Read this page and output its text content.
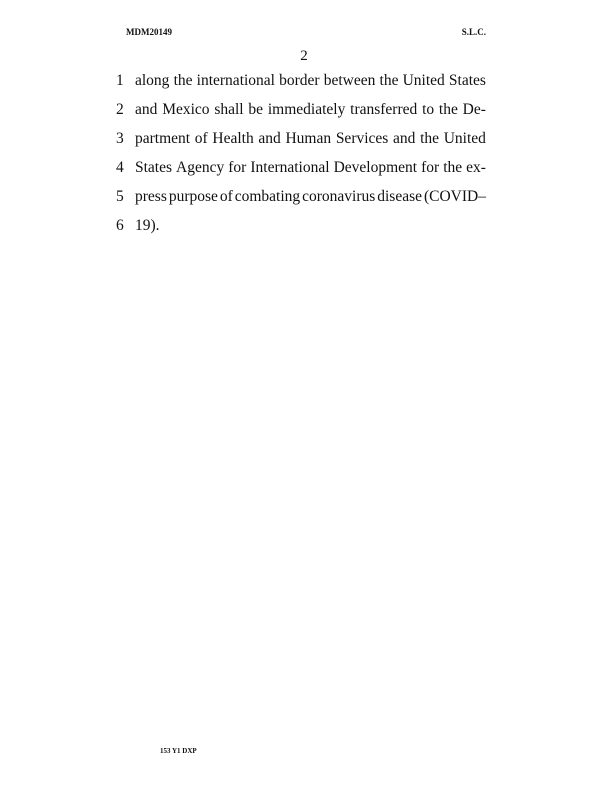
MDM20149	S.L.C.
2
1 along the international border between the United States
2 and Mexico shall be immediately transferred to the De-
3 partment of Health and Human Services and the United
4 States Agency for International Development for the ex-
5 press purpose of combating coronavirus disease (COVID–
6 19).
153 Y1 DXP
